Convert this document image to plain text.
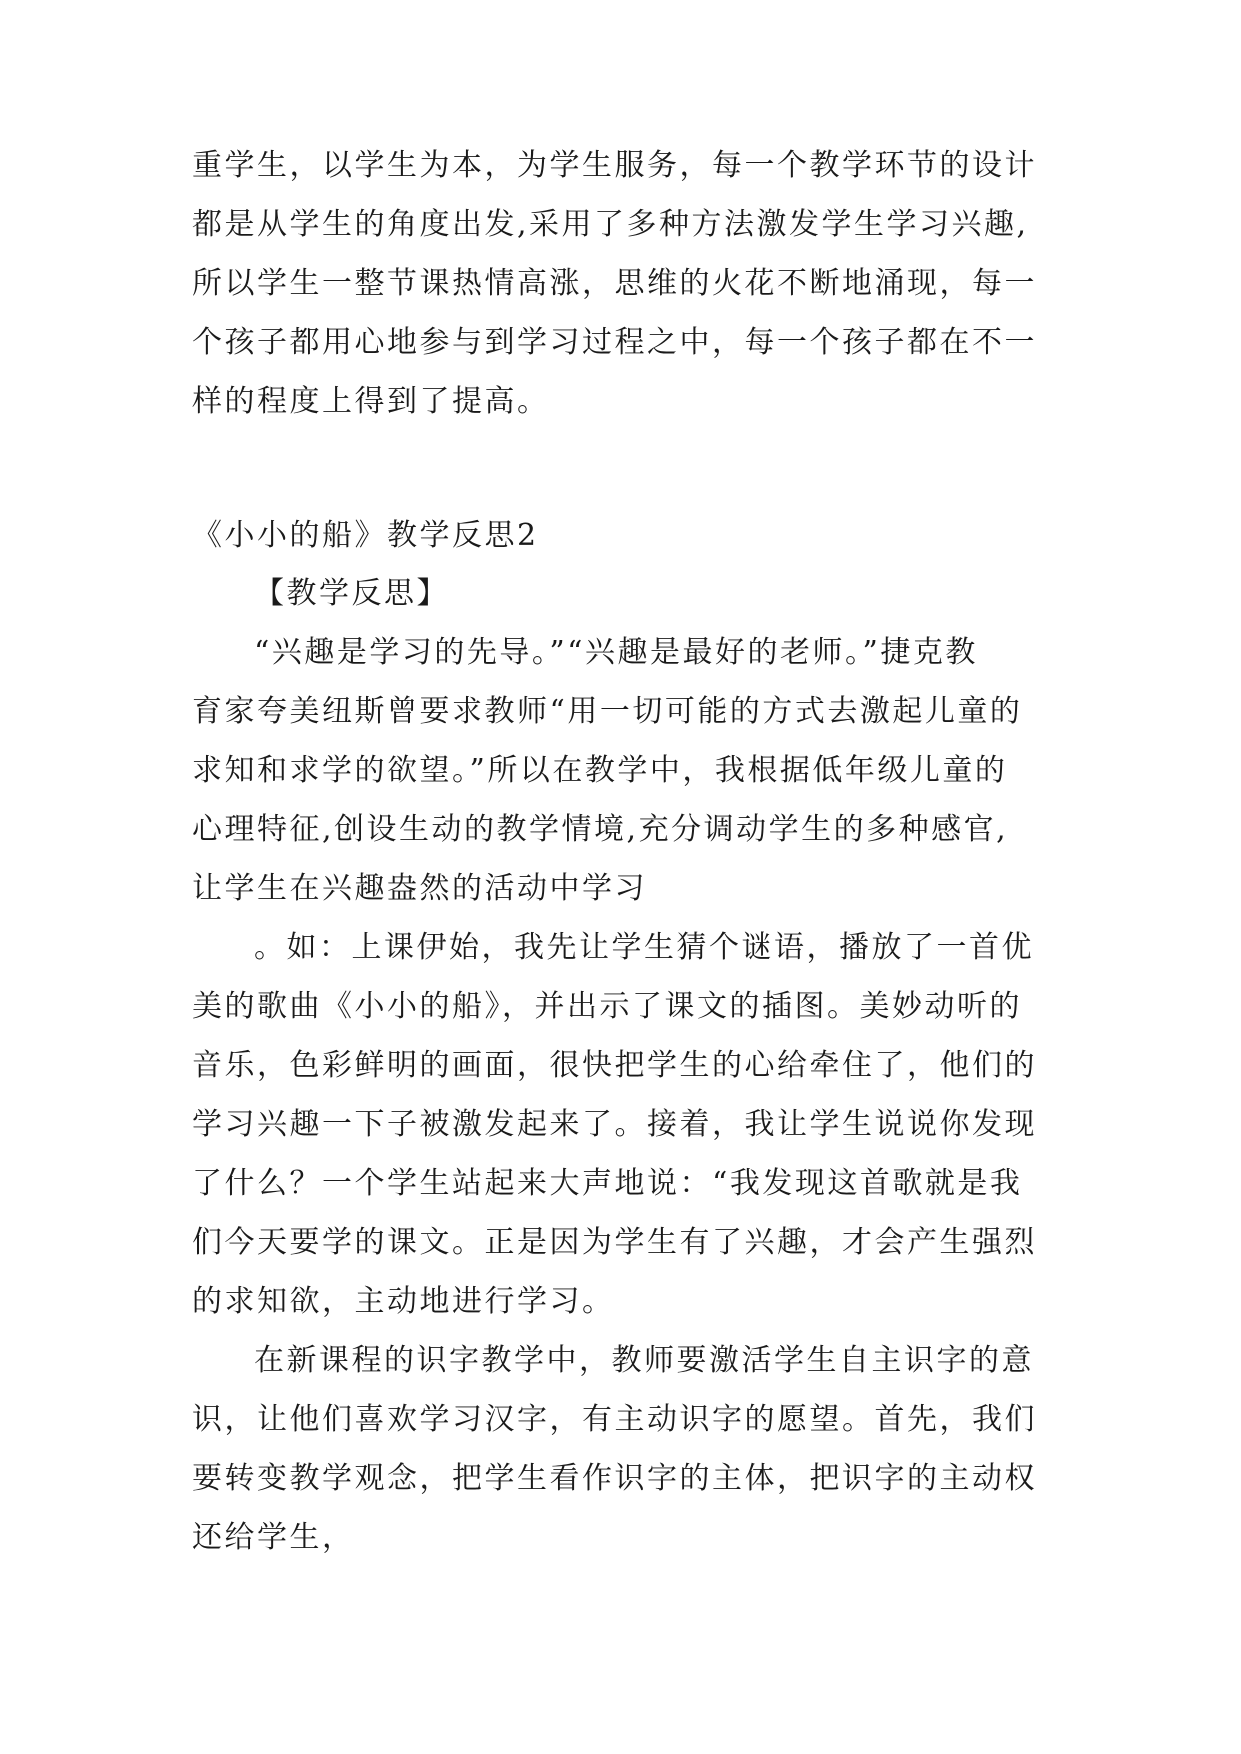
重学生，以学生为本，为学生服务，每一个教学环节的设计
都是从学生的角度出发,采用了多种方法激发学生学习兴趣,
所以学生一整节课热情高涨，思维的火花不断地涌现，每一
个孩子都用心地参与到学习过程之中，每一个孩子都在不一
样的程度上得到了提高。
《小小的船》教学反思2
【教学反思】
“兴趣是学习的先导。”“兴趣是最好的老师。”捷克教
育家夸美纽斯曾要求教师“用一切可能的方式去激起儿童的
求知和求学的欲望。”所以在教学中，我根据低年级儿童的
心理特征,创设生动的教学情境,充分调动学生的多种感官,
让学生在兴趣盎然的活动中学习
。如：上课伊始，我先让学生猜个谜语，播放了一首优
美的歌曲《小小的船》，并出示了课文的插图。美妙动听的
音乐，色彩鲜明的画面，很快把学生的心给牵住了，他们的
学习兴趣一下子被激发起来了。接着，我让学生说说你发现
了什么？一个学生站起来大声地说：“我发现这首歌就是我
们今天要学的课文。正是因为学生有了兴趣，才会产生强烈
的求知欲，主动地进行学习。
在新课程的识字教学中，教师要激活学生自主识字的意
识，让他们喜欢学习汉字，有主动识字的愿望。首先，我们
要转变教学观念，把学生看作识字的主体，把识字的主动权
还给学生，
